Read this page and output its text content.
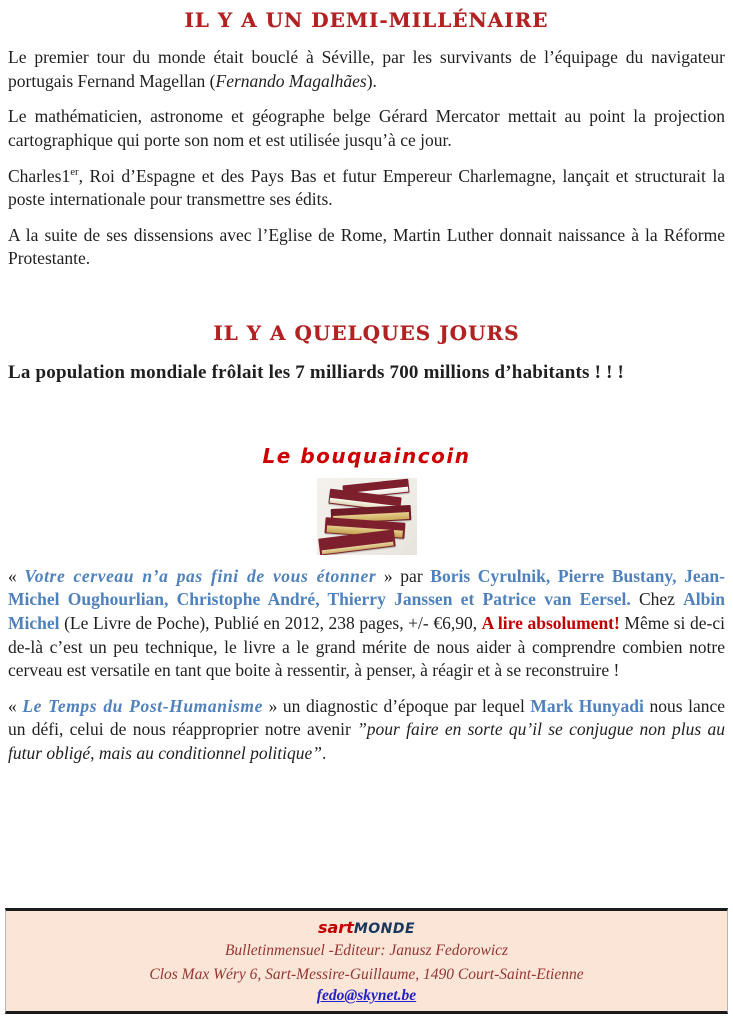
IL Y A UN DEMI-MILLÉNAIRE

Le premier tour du monde était bouclé à Séville, par les survivants de l’équipage du navigateur portugais Fernand Magellan (Fernando Magalhães).

Le mathématicien, astronome et géographe belge Gérard Mercator mettait au point la projection cartographique qui porte son nom et est utilisée jusqu’à ce jour.

Charles1er, Roi d’Espagne et des Pays Bas et futur Empereur Charlemagne, lançait et structurait la poste internationale pour transmettre ses édits.

A la suite de ses dissensions avec l’Eglise de Rome, Martin Luther donnait naissance à la Réforme Protestante.

IL Y A QUELQUES JOURS

La population mondiale frôlait les 7 milliards 700 millions d’habitants ! ! !

Le bouquaincoin

« Votre cerveau n’a pas fini de vous étonner » par Boris Cyrulnik, Pierre Bustany, Jean-Michel Oughourlian, Christophe André, Thierry Janssen et Patrice van Eersel. Chez Albin Michel (Le Livre de Poche), Publié en 2012, 238 pages, +/- €6,90, A lire absolument! Même si de-ci de-là c’est un peu technique, le livre a le grand mérite de nous aider à comprendre combien notre cerveau est versatile en tant que boite à ressentir, à penser, à réagir et à se reconstruire !

« Le Temps du Post-Humanisme » un diagnostic d’époque par lequel Mark Hunyadi nous lance un défi, celui de nous réapproprier notre avenir ”pour faire en sorte qu’il se conjugue non plus au futur obligé, mais au conditionnel politique”.

sartMONDE

Bulletinmensuel -Editeur: Janusz Fedorowicz

Clos Max Wéry 6, Sart-Messire-Guillaume, 1490 Court-Saint-Etienne

fedo@skynet.be
